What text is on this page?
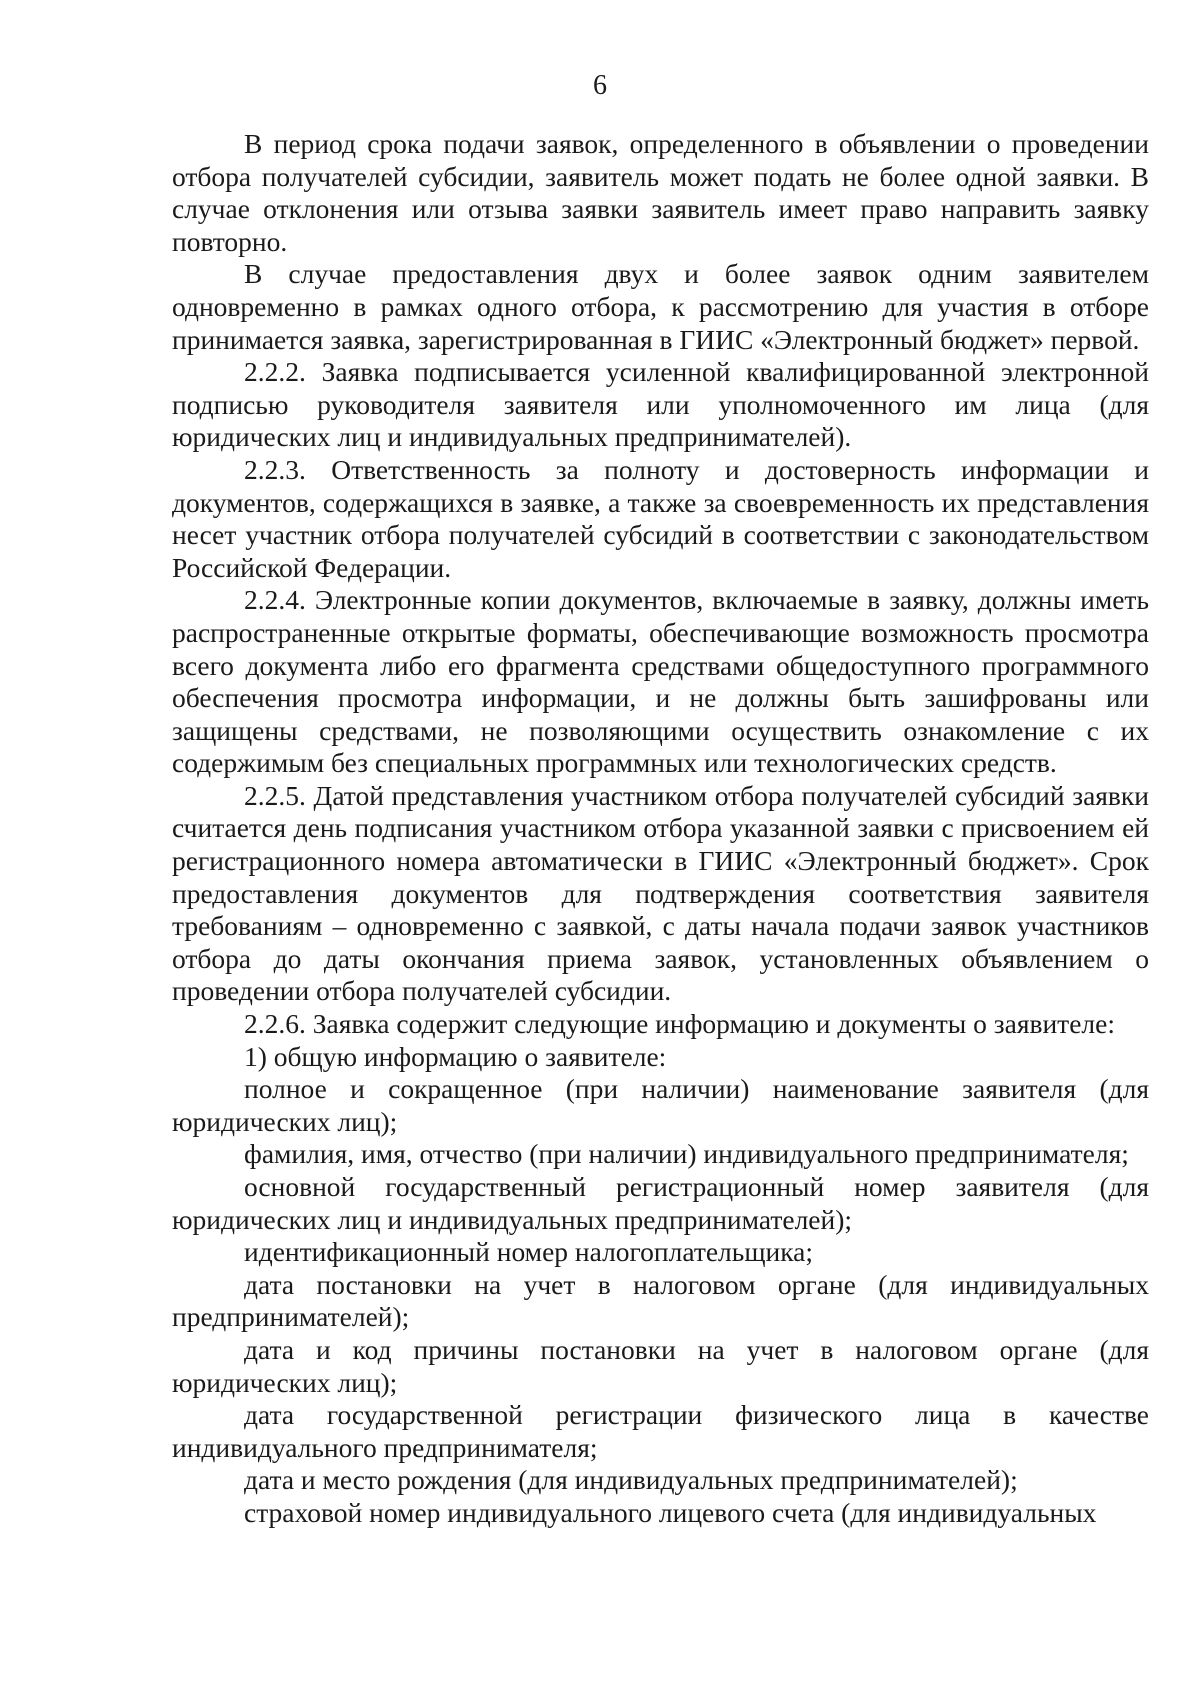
6

В период срока подачи заявок, определенного в объявлении о проведении отбора получателей субсидии, заявитель может подать не более одной заявки. В случае отклонения или отзыва заявки заявитель имеет право направить заявку повторно.

В случае предоставления двух и более заявок одним заявителем одновременно в рамках одного отбора, к рассмотрению для участия в отборе принимается заявка, зарегистрированная в ГИИС «Электронный бюджет» первой.

2.2.2. Заявка подписывается усиленной квалифицированной электронной подписью руководителя заявителя или уполномоченного им лица (для юридических лиц и индивидуальных предпринимателей).

2.2.3. Ответственность за полноту и достоверность информации и документов, содержащихся в заявке, а также за своевременность их представления несет участник отбора получателей субсидий в соответствии с законодательством Российской Федерации.

2.2.4. Электронные копии документов, включаемые в заявку, должны иметь распространенные открытые форматы, обеспечивающие возможность просмотра всего документа либо его фрагмента средствами общедоступного программного обеспечения просмотра информации, и не должны быть зашифрованы или защищены средствами, не позволяющими осуществить ознакомление с их содержимым без специальных программных или технологических средств.

2.2.5. Датой представления участником отбора получателей субсидий заявки считается день подписания участником отбора указанной заявки с присвоением ей регистрационного номера автоматически в ГИИС «Электронный бюджет». Срок предоставления документов для подтверждения соответствия заявителя требованиям – одновременно с заявкой, с даты начала подачи заявок участников отбора до даты окончания приема заявок, установленных объявлением о проведении отбора получателей субсидии.

2.2.6. Заявка содержит следующие информацию и документы о заявителе:

1) общую информацию о заявителе:

полное и сокращенное (при наличии) наименование заявителя (для юридических лиц);

фамилия, имя, отчество (при наличии) индивидуального предпринимателя;

основной государственный регистрационный номер заявителя (для юридических лиц и индивидуальных предпринимателей);

идентификационный номер налогоплательщика;

дата постановки на учет в налоговом органе (для индивидуальных предпринимателей);

дата и код причины постановки на учет в налоговом органе (для юридических лиц);

дата государственной регистрации физического лица в качестве индивидуального предпринимателя;

дата и место рождения (для индивидуальных предпринимателей);

страховой номер индивидуального лицевого счета (для индивидуальных
